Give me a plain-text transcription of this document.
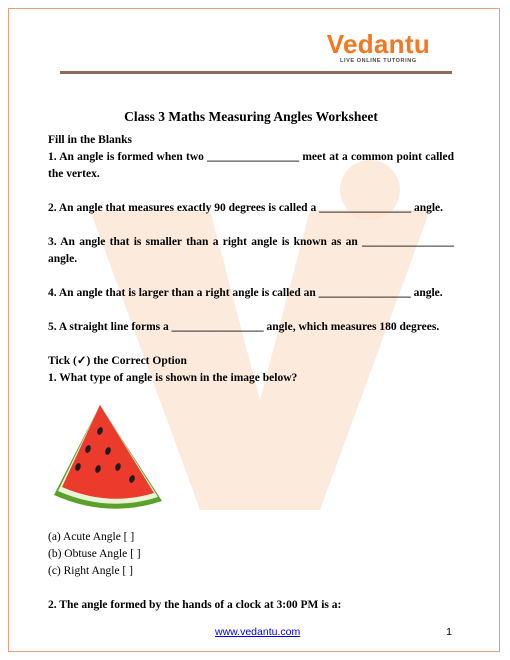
Vedantu
LIVE ONLINE TUTORING
Class 3 Maths Measuring Angles Worksheet

Fill in the Blanks

1. An angle is formed when two ________________ meet at a common point called the vertex.

2. An angle that measures exactly 90 degrees is called a ________________ angle.

3. An angle that is smaller than a right angle is known as an ________________ angle.

4. An angle that is larger than a right angle is called an ________________ angle.

5. A straight line forms a ________________ angle, which measures 180 degrees.

Tick (✓) the Correct Option

1. What type of angle is shown in the image below?

(a) Acute Angle [ ]

(b) Obtuse Angle [ ]

(c) Right Angle [ ]

2. The angle formed by the hands of a clock at 3:00 PM is a:

www.vedantu.com	1
